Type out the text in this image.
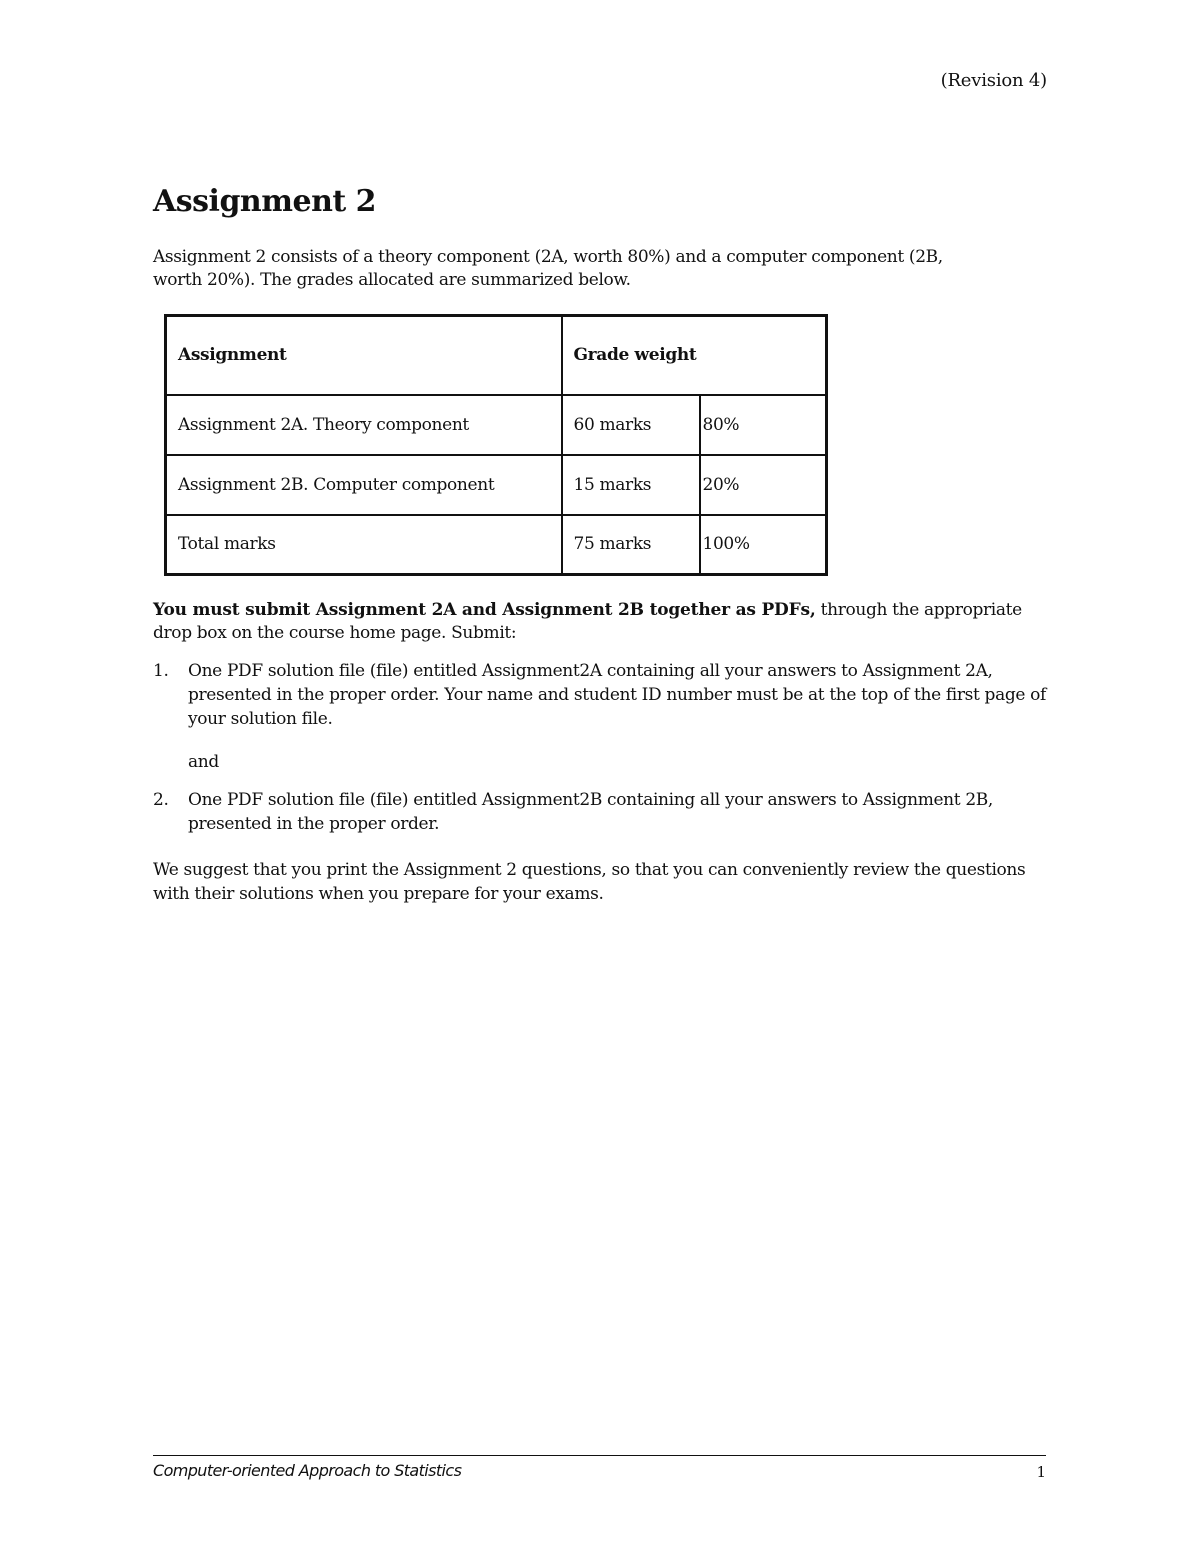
(Revision 4)
Assignment 2

Assignment 2 consists of a theory component (2A, worth 80%) and a computer component (2B, worth 20%). The grades allocated are summarized below.

Assignment	Grade weight	
Assignment 2A. Theory component	60 marks	80%
Assignment 2B. Computer component	15 marks	20%
Total marks	75 marks	100%

You must submit Assignment 2A and Assignment 2B together as PDFs, through the appropriate drop box on the course home page. Submit:

1. One PDF solution file (file) entitled Assignment2A containing all your answers to Assignment 2A, presented in the proper order. Your name and student ID number must be at the top of the first page of your solution file.
and
2. One PDF solution file (file) entitled Assignment2B containing all your answers to Assignment 2B, presented in the proper order.

We suggest that you print the Assignment 2 questions, so that you can conveniently review the questions with their solutions when you prepare for your exams.

Computer-oriented Approach to Statistics	1
